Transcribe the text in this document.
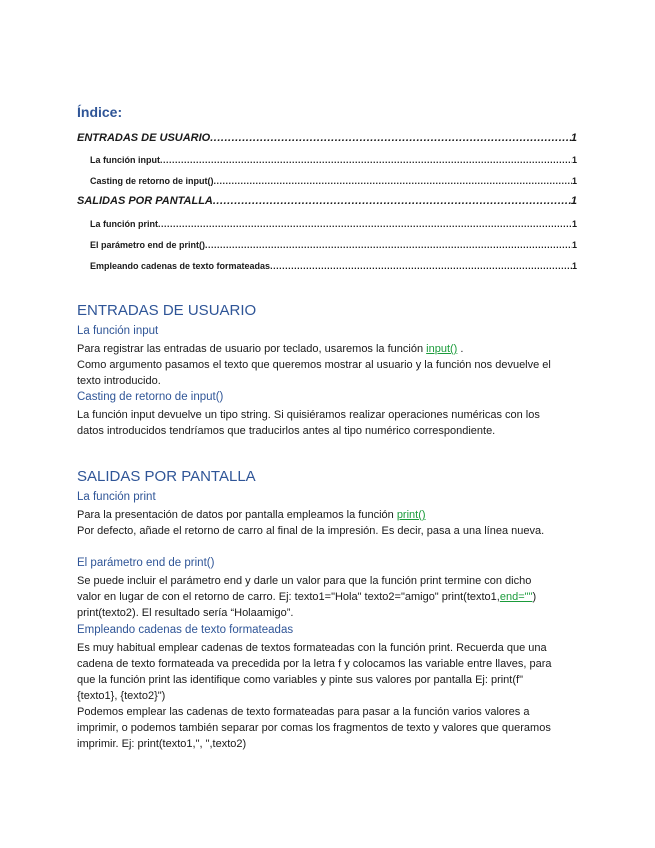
Índice:
ENTRADAS DE USUARIO .....	1
La función input .....	1
Casting de retorno de input() .....	1
SALIDAS POR PANTALLA .....	1
La función print .....	1
El parámetro end de print() .....	1
Empleando cadenas de texto formateadas .....	1
ENTRADAS DE USUARIO
La función input
Para registrar las entradas de usuario por teclado, usaremos la función input() .
Como argumento pasamos el texto que queremos mostrar al usuario y la función nos devuelve el texto introducido.
Casting de retorno de input()
La función input devuelve un tipo string. Si quisiéramos realizar operaciones numéricas con los datos introducidos tendríamos que traducirlos antes al tipo numérico correspondiente.
SALIDAS POR PANTALLA
La función print
Para la presentación de datos por pantalla empleamos la función print()
Por defecto, añade el retorno de carro al final de la impresión. Es decir, pasa a una línea nueva.
El parámetro end de print()
Se puede incluir el parámetro end y darle un valor para que la función print termine con dicho valor en lugar de con el retorno de carro. Ej: texto1="Hola" texto2="amigo" print(texto1,end="") print(texto2). El resultado sería “Holaamigo”.
Empleando cadenas de texto formateadas
Es muy habitual emplear cadenas de textos formateadas con la función print. Recuerda que una cadena de texto formateada va precedida por la letra f y colocamos las variable entre llaves, para que la función print las identifique como variables y pinte sus valores por pantalla Ej: print(f"{texto1}, {texto2}")
Podemos emplear las cadenas de texto formateadas para pasar a la función varios valores a imprimir, o podemos también separar por comas los fragmentos de texto y valores que queramos imprimir. Ej: print(texto1,", ",texto2)
